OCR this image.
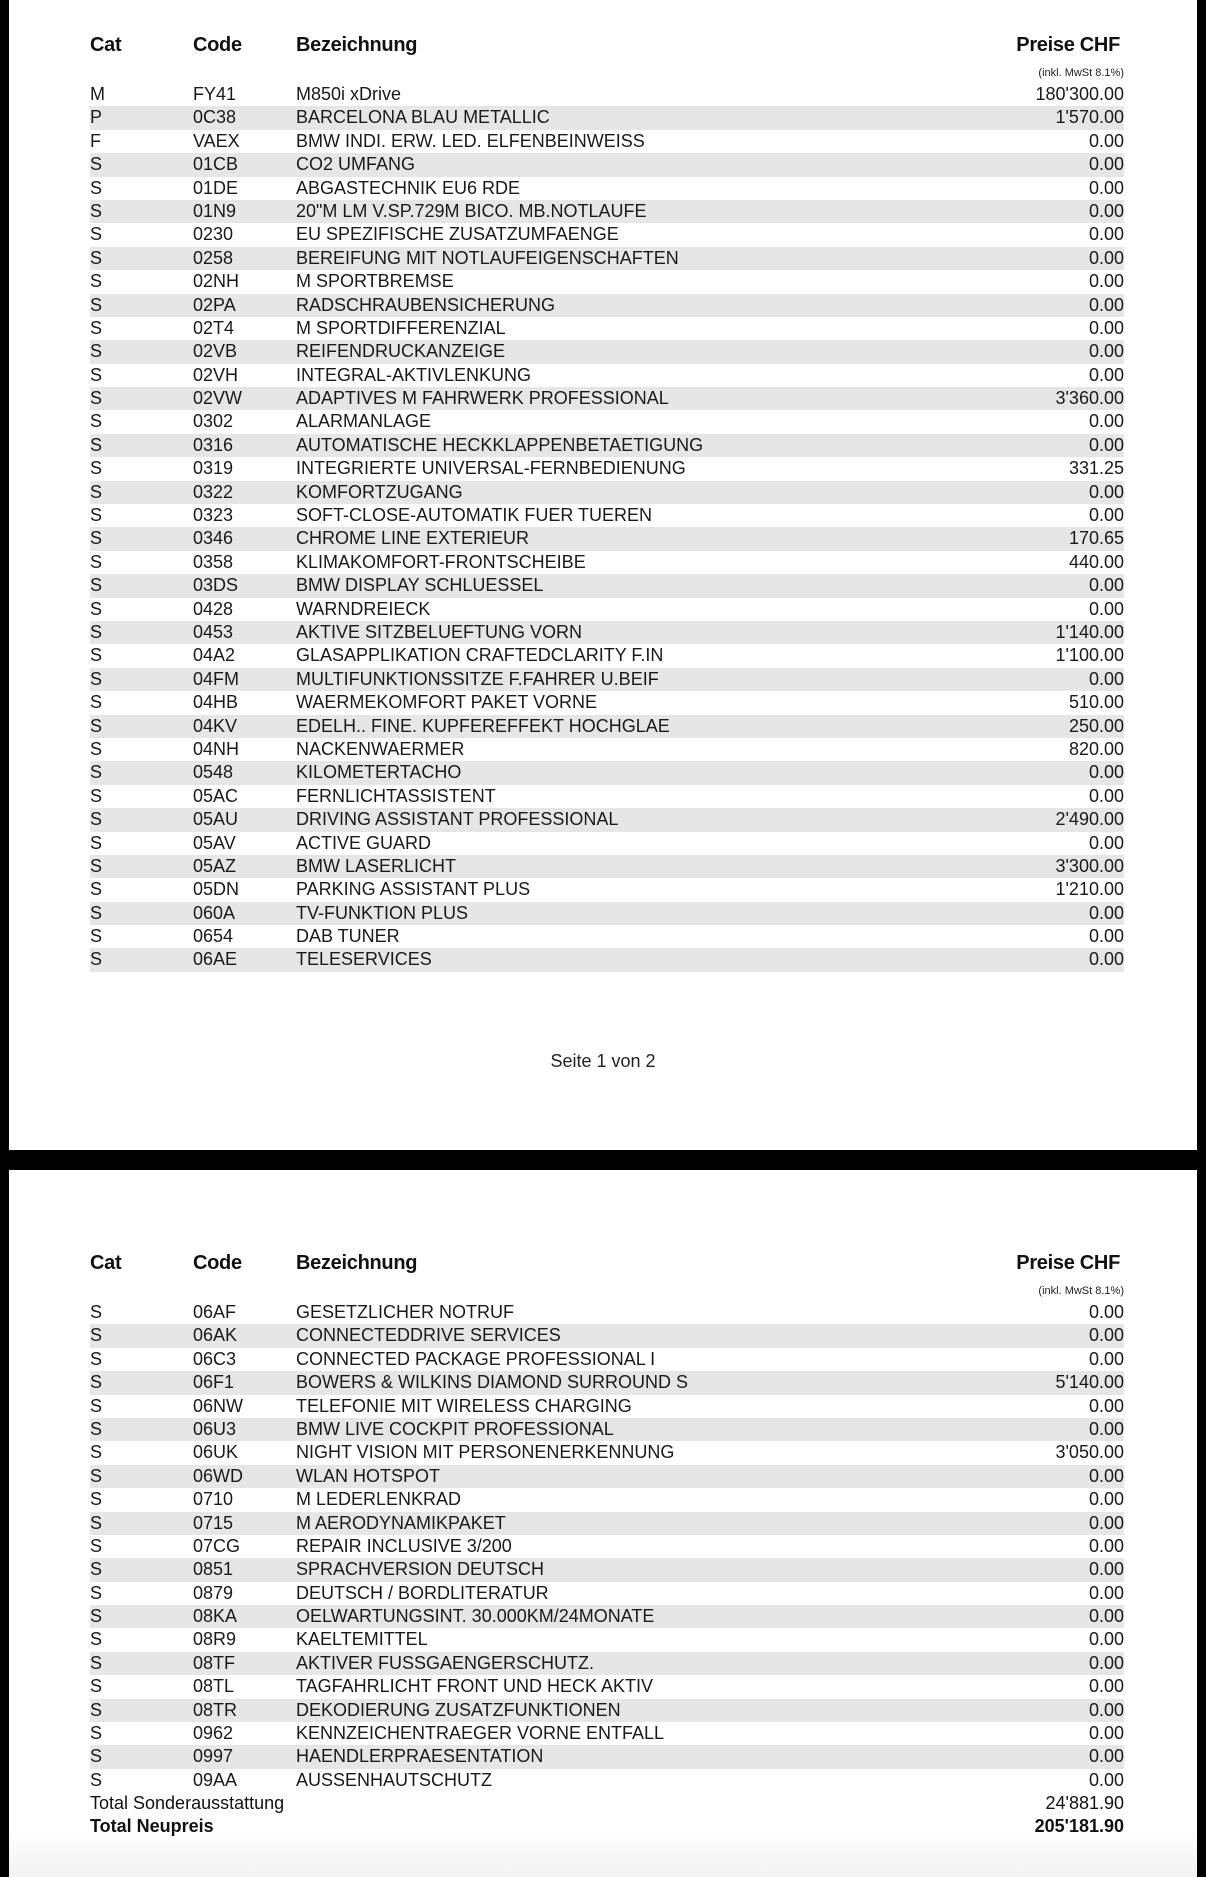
Cat	Code	Bezeichnung	Preise CHF
(inkl. MwSt 8.1%)
M	FY41	M850i xDrive	180'300.00
P	0C38	BARCELONA BLAU METALLIC	1'570.00
F	VAEX	BMW INDI. ERW. LED. ELFENBEINWEISS	0.00
S	01CB	CO2 UMFANG	0.00
S	01DE	ABGASTECHNIK EU6 RDE	0.00
S	01N9	20"M LM V.SP.729M BICO. MB.NOTLAUFE	0.00
S	0230	EU SPEZIFISCHE ZUSATZUMFAENGE	0.00
S	0258	BEREIFUNG MIT NOTLAUFEIGENSCHAFTEN	0.00
S	02NH	M SPORTBREMSE	0.00
S	02PA	RADSCHRAUBENSICHERUNG	0.00
S	02T4	M SPORTDIFFERENZIAL	0.00
S	02VB	REIFENDRUCKANZEIGE	0.00
S	02VH	INTEGRAL-AKTIVLENKUNG	0.00
S	02VW	ADAPTIVES M FAHRWERK PROFESSIONAL	3'360.00
S	0302	ALARMANLAGE	0.00
S	0316	AUTOMATISCHE HECKKLAPPENBETAETIGUNG	0.00
S	0319	INTEGRIERTE UNIVERSAL-FERNBEDIENUNG	331.25
S	0322	KOMFORTZUGANG	0.00
S	0323	SOFT-CLOSE-AUTOMATIK FUER TUEREN	0.00
S	0346	CHROME LINE EXTERIEUR	170.65
S	0358	KLIMAKOMFORT-FRONTSCHEIBE	440.00
S	03DS	BMW DISPLAY SCHLUESSEL	0.00
S	0428	WARNDREIECK	0.00
S	0453	AKTIVE SITZBELUEFTUNG VORN	1'140.00
S	04A2	GLASAPPLIKATION CRAFTEDCLARITY F.IN	1'100.00
S	04FM	MULTIFUNKTIONSSITZE F.FAHRER U.BEIF	0.00
S	04HB	WAERMEKOMFORT PAKET VORNE	510.00
S	04KV	EDELH.. FINE. KUPFEREFFEKT HOCHGLAE	250.00
S	04NH	NACKENWAERMER	820.00
S	0548	KILOMETERTACHO	0.00
S	05AC	FERNLICHTASSISTENT	0.00
S	05AU	DRIVING ASSISTANT PROFESSIONAL	2'490.00
S	05AV	ACTIVE GUARD	0.00
S	05AZ	BMW LASERLICHT	3'300.00
S	05DN	PARKING ASSISTANT PLUS	1'210.00
S	060A	TV-FUNKTION PLUS	0.00
S	0654	DAB TUNER	0.00
S	06AE	TELESERVICES	0.00
Seite 1 von 2
Cat	Code	Bezeichnung	Preise CHF
(inkl. MwSt 8.1%)
S	06AF	GESETZLICHER NOTRUF	0.00
S	06AK	CONNECTEDDRIVE SERVICES	0.00
S	06C3	CONNECTED PACKAGE PROFESSIONAL I	0.00
S	06F1	BOWERS & WILKINS DIAMOND SURROUND S	5'140.00
S	06NW	TELEFONIE MIT WIRELESS CHARGING	0.00
S	06U3	BMW LIVE COCKPIT PROFESSIONAL	0.00
S	06UK	NIGHT VISION MIT PERSONENERKENNUNG	3'050.00
S	06WD	WLAN HOTSPOT	0.00
S	0710	M LEDERLENKRAD	0.00
S	0715	M AERODYNAMIKPAKET	0.00
S	07CG	REPAIR INCLUSIVE 3/200	0.00
S	0851	SPRACHVERSION DEUTSCH	0.00
S	0879	DEUTSCH / BORDLITERATUR	0.00
S	08KA	OELWARTUNGSINT. 30.000KM/24MONATE	0.00
S	08R9	KAELTEMITTEL	0.00
S	08TF	AKTIVER FUSSGAENGERSCHUTZ.	0.00
S	08TL	TAGFAHRLICHT FRONT UND HECK AKTIV	0.00
S	08TR	DEKODIERUNG ZUSATZFUNKTIONEN	0.00
S	0962	KENNZEICHENTRAEGER VORNE ENTFALL	0.00
S	0997	HAENDLERPRAESENTATION	0.00
S	09AA	AUSSENHAUTSCHUTZ	0.00
Total Sonderausstattung	24'881.90
Total Neupreis	205'181.90
